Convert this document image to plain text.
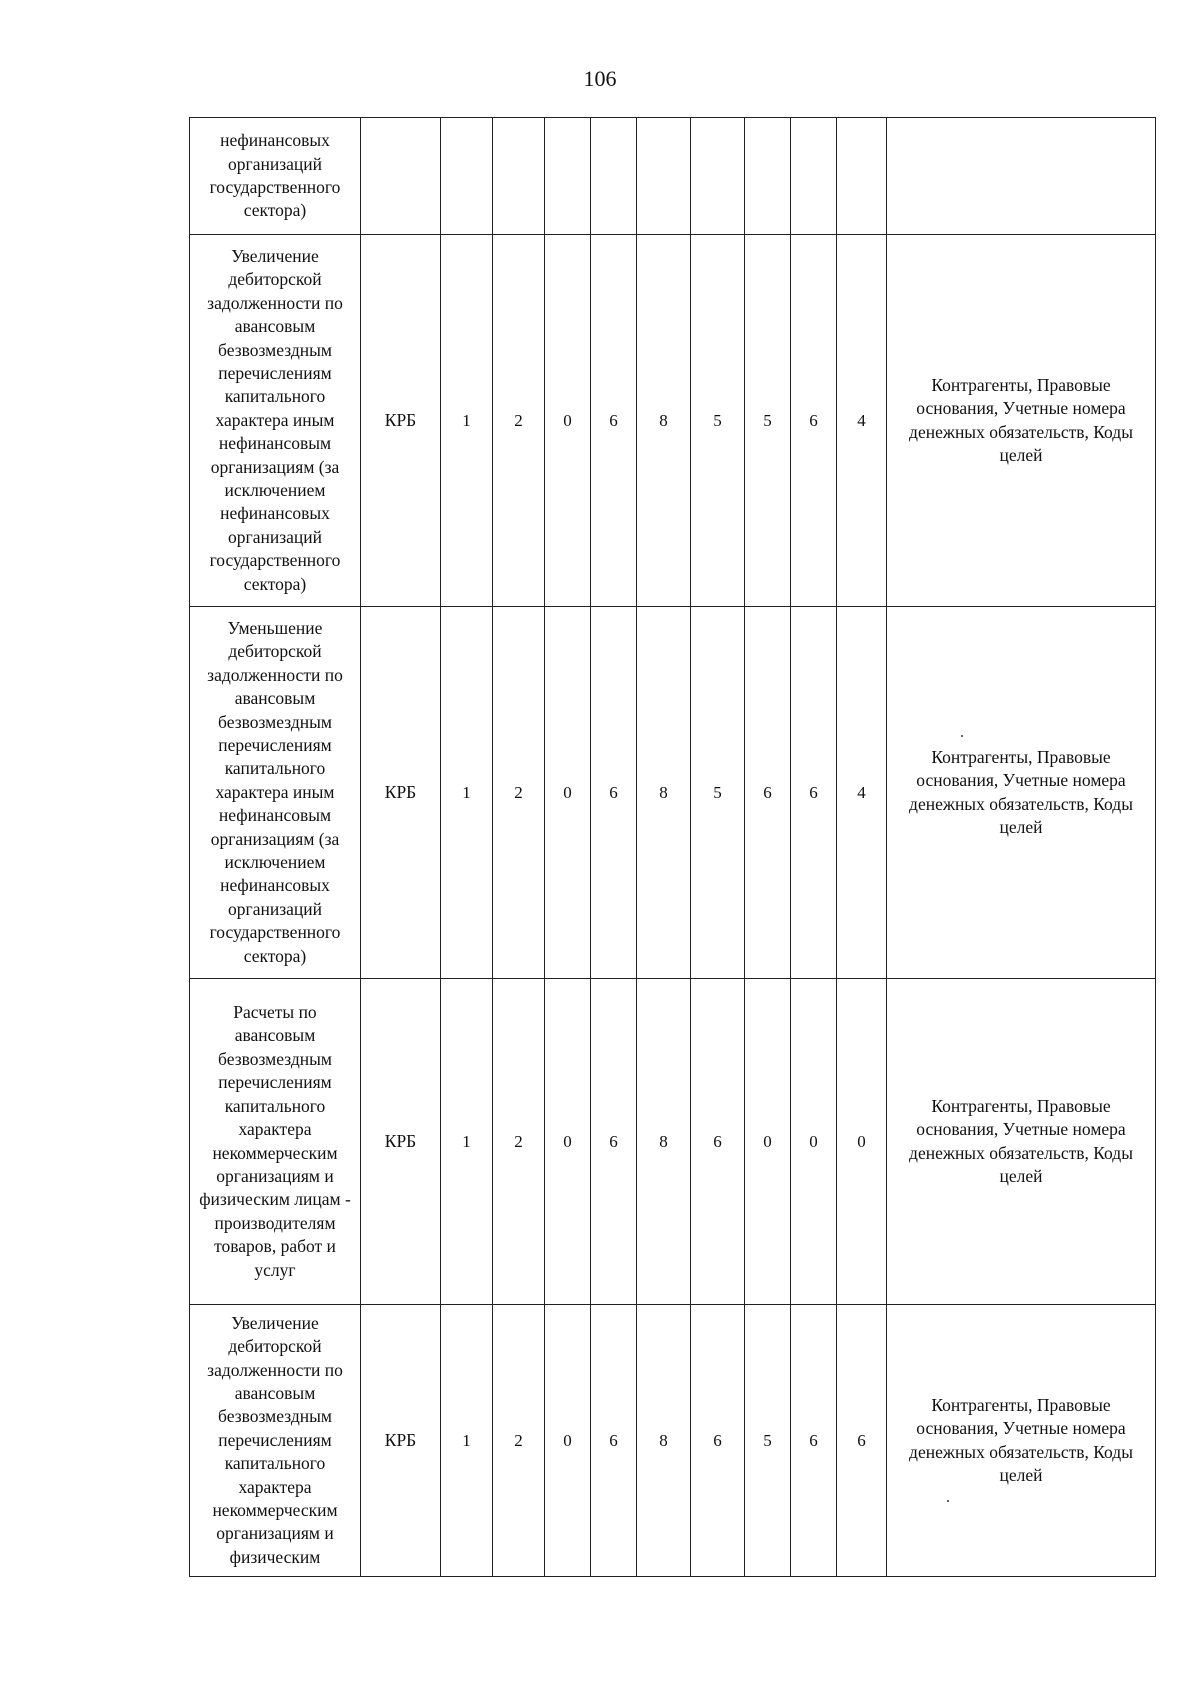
106
нефинансовых организаций государственного сектора)											
Увеличение дебиторской задолженности по авансовым безвозмездным перечислениям капитального характера иным нефинансовым организациям (за исключением нефинансовых организаций государственного сектора)	КРБ	1	2	0	6	8	5	5	6	4	Контрагенты, Правовые основания, Учетные номера денежных обязательств, Коды целей
Уменьшение дебиторской задолженности по авансовым безвозмездным перечислениям капитального характера иным нефинансовым организациям (за исключением нефинансовых организаций государственного сектора)	КРБ	1	2	0	6	8	5	6	6	4	Контрагенты, Правовые основания, Учетные номера денежных обязательств, Коды целей
Расчеты по авансовым безвозмездным перечислениям капитального характера некоммерческим организациям и физическим лицам - производителям товаров, работ и услуг	КРБ	1	2	0	6	8	6	0	0	0	Контрагенты, Правовые основания, Учетные номера денежных обязательств, Коды целей
Увеличение дебиторской задолженности по авансовым безвозмездным перечислениям капитального характера некоммерческим организациям и физическим	КРБ	1	2	0	6	8	6	5	6	6	Контрагенты, Правовые основания, Учетные номера денежных обязательств, Коды целей
